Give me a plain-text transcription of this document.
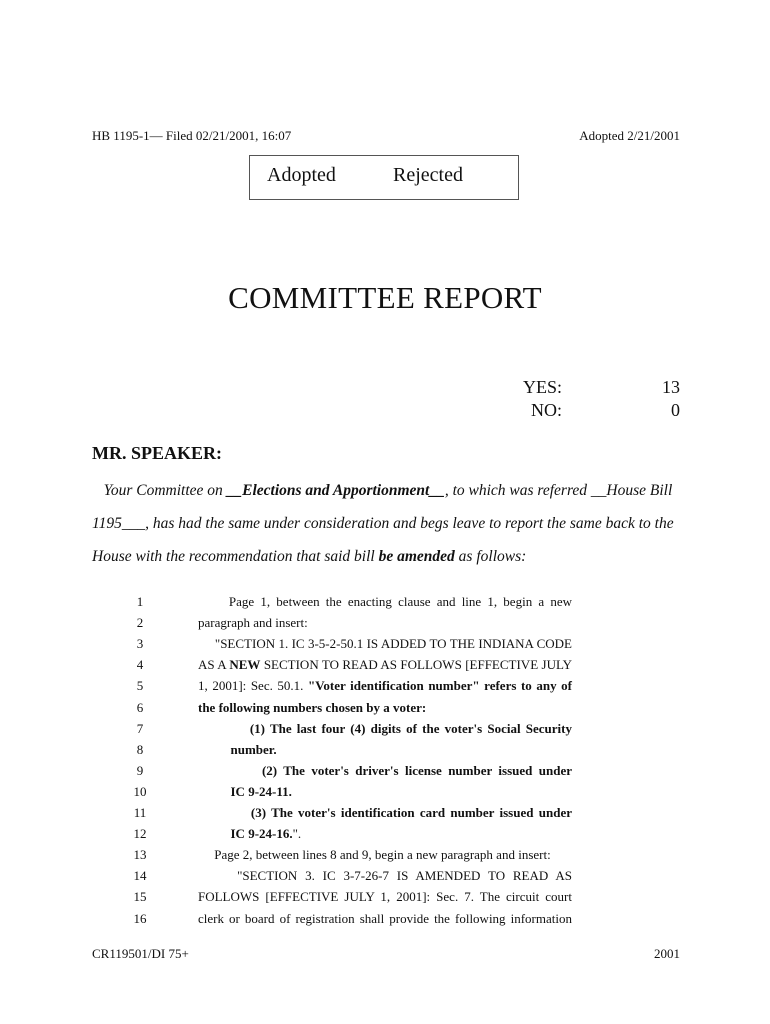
HB 1195-1— Filed 02/21/2001, 16:07	Adopted 2/21/2001
Adopted	Rejected
COMMITTEE REPORT
YES:	13
NO:	0
MR. SPEAKER:
Your Committee on __Elections and Apportionment__, to which was referred __House Bill
1195___, has had the same under consideration and begs leave to report the same back to the
House with the recommendation that said bill be amended as follows:
1	Page 1, between the enacting clause and line 1, begin a new
2	paragraph and insert:
3	"SECTION 1. IC 3-5-2-50.1 IS ADDED TO THE INDIANA CODE
4	AS A NEW SECTION TO READ AS FOLLOWS [EFFECTIVE JULY
5	1, 2001]: Sec. 50.1. "Voter identification number" refers to any of
6	the following numbers chosen by a voter:
7	(1) The last four (4) digits of the voter's Social Security
8	number.
9	(2) The voter's driver's license number issued under
10	IC 9-24-11.
11	(3) The voter's identification card number issued under
12	IC 9-24-16.".
13	Page 2, between lines 8 and 9, begin a new paragraph and insert:
14	"SECTION 3. IC 3-7-26-7 IS AMENDED TO READ AS
15	FOLLOWS [EFFECTIVE JULY 1, 2001]: Sec. 7. The circuit court
16	clerk or board of registration shall provide the following information
CR119501/DI 75+	2001
